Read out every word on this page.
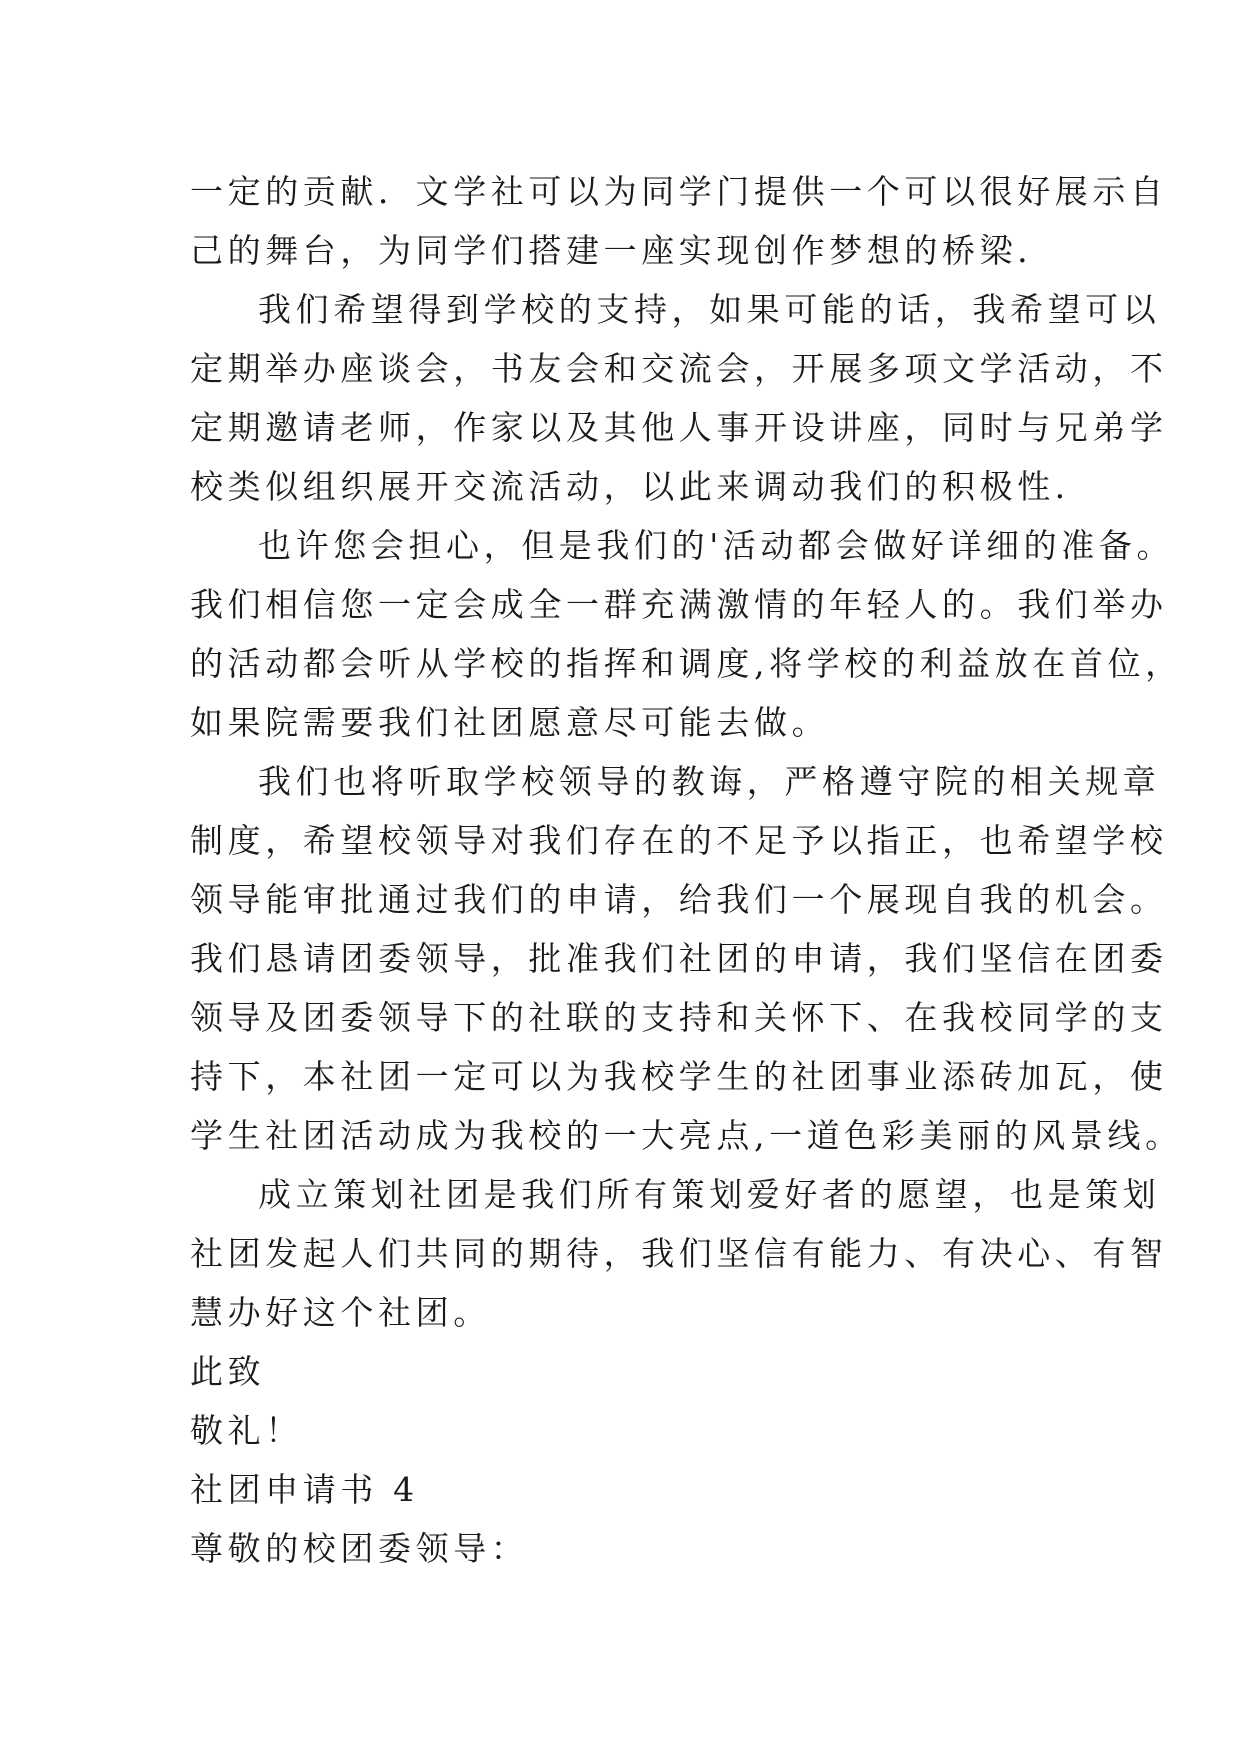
一定的贡献．文学社可以为同学门提供一个可以很好展示自
己的舞台，为同学们搭建一座实现创作梦想的桥梁．
我们希望得到学校的支持，如果可能的话，我希望可以
定期举办座谈会，书友会和交流会，开展多项文学活动，不
定期邀请老师，作家以及其他人事开设讲座，同时与兄弟学
校类似组织展开交流活动，以此来调动我们的积极性．
也许您会担心，但是我们的'活动都会做好详细的准备。
我们相信您一定会成全一群充满激情的年轻人的。我们举办
的活动都会听从学校的指挥和调度,将学校的利益放在首位，
如果院需要我们社团愿意尽可能去做。
我们也将听取学校领导的教诲，严格遵守院的相关规章
制度，希望校领导对我们存在的不足予以指正，也希望学校
领导能审批通过我们的申请，给我们一个展现自我的机会。
我们恳请团委领导，批准我们社团的申请，我们坚信在团委
领导及团委领导下的社联的支持和关怀下、在我校同学的支
持下，本社团一定可以为我校学生的社团事业添砖加瓦，使
学生社团活动成为我校的一大亮点,一道色彩美丽的风景线。
成立策划社团是我们所有策划爱好者的愿望，也是策划
社团发起人们共同的期待，我们坚信有能力、有决心、有智
慧办好这个社团。
此致
敬礼！
社团申请书 4
尊敬的校团委领导：
